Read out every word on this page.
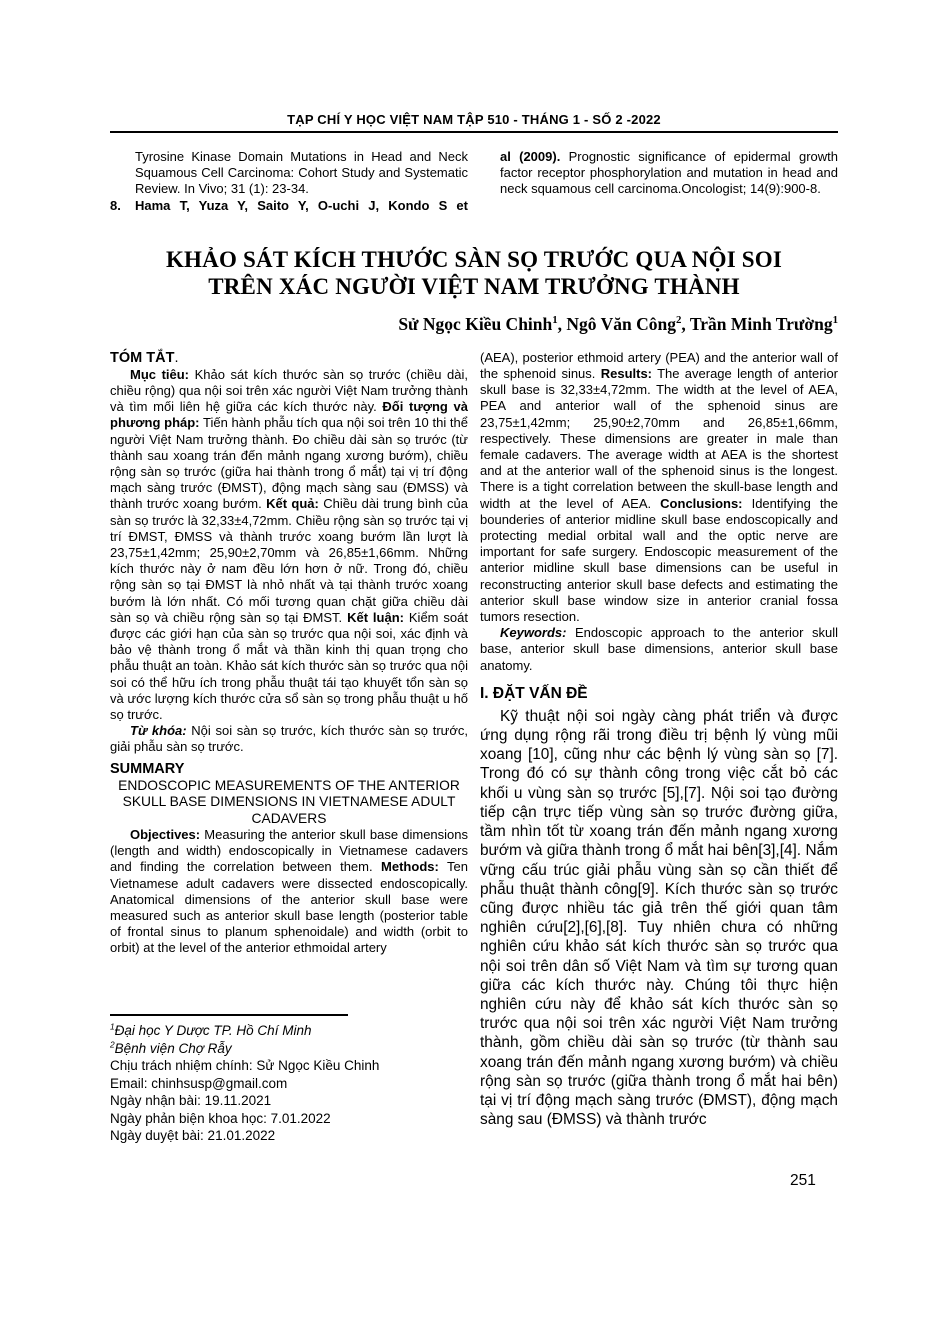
TẠP CHÍ Y HỌC VIỆT NAM TẬP 510 - THÁNG 1 - SỐ 2 -2022
Tyrosine Kinase Domain Mutations in Head and Neck Squamous Cell Carcinoma: Cohort Study and Systematic Review. In Vivo; 31 (1): 23-34.
8.	Hama T, Yuza Y, Saito Y, O-uchi J, Kondo S et
al (2009). Prognostic significance of epidermal growth factor receptor phosphorylation and mutation in head and neck squamous cell carcinoma.Oncologist; 14(9):900-8.
KHẢO SÁT KÍCH THƯỚC SÀN SỌ TRƯỚC QUA NỘI SOI
TRÊN XÁC NGƯỜI VIỆT NAM TRƯỞNG THÀNH
Sử Ngọc Kiều Chinh$^1$, Ngô Văn Công$^2$, Trần Minh Trường$^1$
TÓM TẮT.
Mục tiêu: Khảo sát kích thước sàn sọ trước (chiều dài, chiều rộng) qua nội soi trên xác người Việt Nam trưởng thành và tìm mối liên hệ giữa các kích thước này. Đối tượng và phương pháp: Tiến hành phẫu tích qua nội soi trên 10 thi thể người Việt Nam trưởng thành. Đo chiều dài sàn sọ trước (từ thành sau xoang trán đến mảnh ngang xương bướm), chiều rộng sàn sọ trước (giữa hai thành trong ổ mắt) tại vị trí động mạch sàng trước (ĐMST), động mạch sàng sau (ĐMSS) và thành trước xoang bướm. Kết quả: Chiều dài trung bình của sàn sọ trước là 32,33±4,72mm. Chiều rộng sàn sọ trước tại vị trí ĐMST, ĐMSS và thành trước xoang bướm lần lượt là 23,75±1,42mm; 25,90±2,70mm và 26,85±1,66mm. Những kích thước này ở nam đều lớn hơn ở nữ. Trong đó, chiều rộng sàn sọ tại ĐMST là nhỏ nhất và tại thành trước xoang bướm là lớn nhất. Có mối tương quan chặt giữa chiều dài sàn sọ và chiều rộng sàn sọ tại ĐMST. Kết luận: Kiểm soát được các giới hạn của sàn sọ trước qua nội soi, xác định và bảo vệ thành trong ổ mắt và thần kinh thị quan trọng cho phẫu thuật an toàn. Khảo sát kích thước sàn sọ trước qua nội soi có thể hữu ích trong phẫu thuật tái tạo khuyết tổn sàn sọ và ước lượng kích thước cửa sổ sàn sọ trong phẫu thuật u hố sọ trước.
Từ khóa: Nội soi sàn sọ trước, kích thước sàn sọ trước, giải phẫu sàn sọ trước.
SUMMARY
ENDOSCOPIC MEASUREMENTS OF THE ANTERIOR SKULL BASE DIMENSIONS IN VIETNAMESE ADULT CADAVERS
Objectives: Measuring the anterior skull base dimensions (length and width) endoscopically in Vietnamese cadavers and finding the correlation between them. Methods: Ten Vietnamese adult cadavers were dissected endoscopically. Anatomical dimensions of the anterior skull base were measured such as anterior skull base length (posterior table of frontal sinus to planum sphenoidale) and width (orbit to orbit) at the level of the anterior ethmoidal artery
$^1$Đại học Y Dược TP. Hồ Chí Minh
$^2$Bệnh viện Chợ Rẫy
Chịu trách nhiệm chính: Sử Ngọc Kiều Chinh
Email: chinhsusp@gmail.com
Ngày nhận bài: 19.11.2021
Ngày phản biện khoa học: 7.01.2022
Ngày duyệt bài: 21.01.2022
(AEA), posterior ethmoid artery (PEA) and the anterior wall of the sphenoid sinus. Results: The average length of anterior skull base is 32,33±4,72mm. The width at the level of AEA, PEA and anterior wall of the sphenoid sinus are 23,75±1,42mm; 25,90±2,70mm and 26,85±1,66mm, respectively. These dimensions are greater in male than female cadavers. The average width at AEA is the shortest and at the anterior wall of the sphenoid sinus is the longest. There is a tight correlation between the skull-base length and width at the level of AEA. Conclusions: Identifying the bounderies of anterior midline skull base endoscopically and protecting medial orbital wall and the optic nerve are important for safe surgery. Endoscopic measurement of the anterior midline skull base dimensions can be useful in reconstructing anterior skull base defects and estimating the anterior skull base window size in anterior cranial fossa tumors resection.
Keywords: Endoscopic approach to the anterior skull base, anterior skull base dimensions, anterior skull base anatomy.
I. ĐẶT VẤN ĐỀ
Kỹ thuật nội soi ngày càng phát triển và được ứng dụng rộng rãi trong điều trị bệnh lý vùng mũi xoang [10], cũng như các bệnh lý vùng sàn sọ [7]. Trong đó có sự thành công trong việc cắt bỏ các khối u vùng sàn sọ trước [5],[7]. Nội soi tạo đường tiếp cận trực tiếp vùng sàn sọ trước đường giữa, tầm nhìn tốt từ xoang trán đến mảnh ngang xương bướm và giữa thành trong ổ mắt hai bên[3],[4]. Nắm vững cấu trúc giải phẫu vùng sàn sọ cần thiết để phẫu thuật thành công[9]. Kích thước sàn sọ trước cũng được nhiều tác giả trên thế giới quan tâm nghiên cứu[2],[6],[8]. Tuy nhiên chưa có những nghiên cứu khảo sát kích thước sàn sọ trước qua nội soi trên dân số Việt Nam và tìm sự tương quan giữa các kích thước này. Chúng tôi thực hiện nghiên cứu này để khảo sát kích thước sàn sọ trước qua nội soi trên xác người Việt Nam trưởng thành, gồm chiều dài sàn sọ trước (từ thành sau xoang trán đến mảnh ngang xương bướm) và chiều rộng sàn sọ trước (giữa thành trong ổ mắt hai bên) tại vị trí động mạch sàng trước (ĐMST), động mạch sàng sau (ĐMSS) và thành trước
251
